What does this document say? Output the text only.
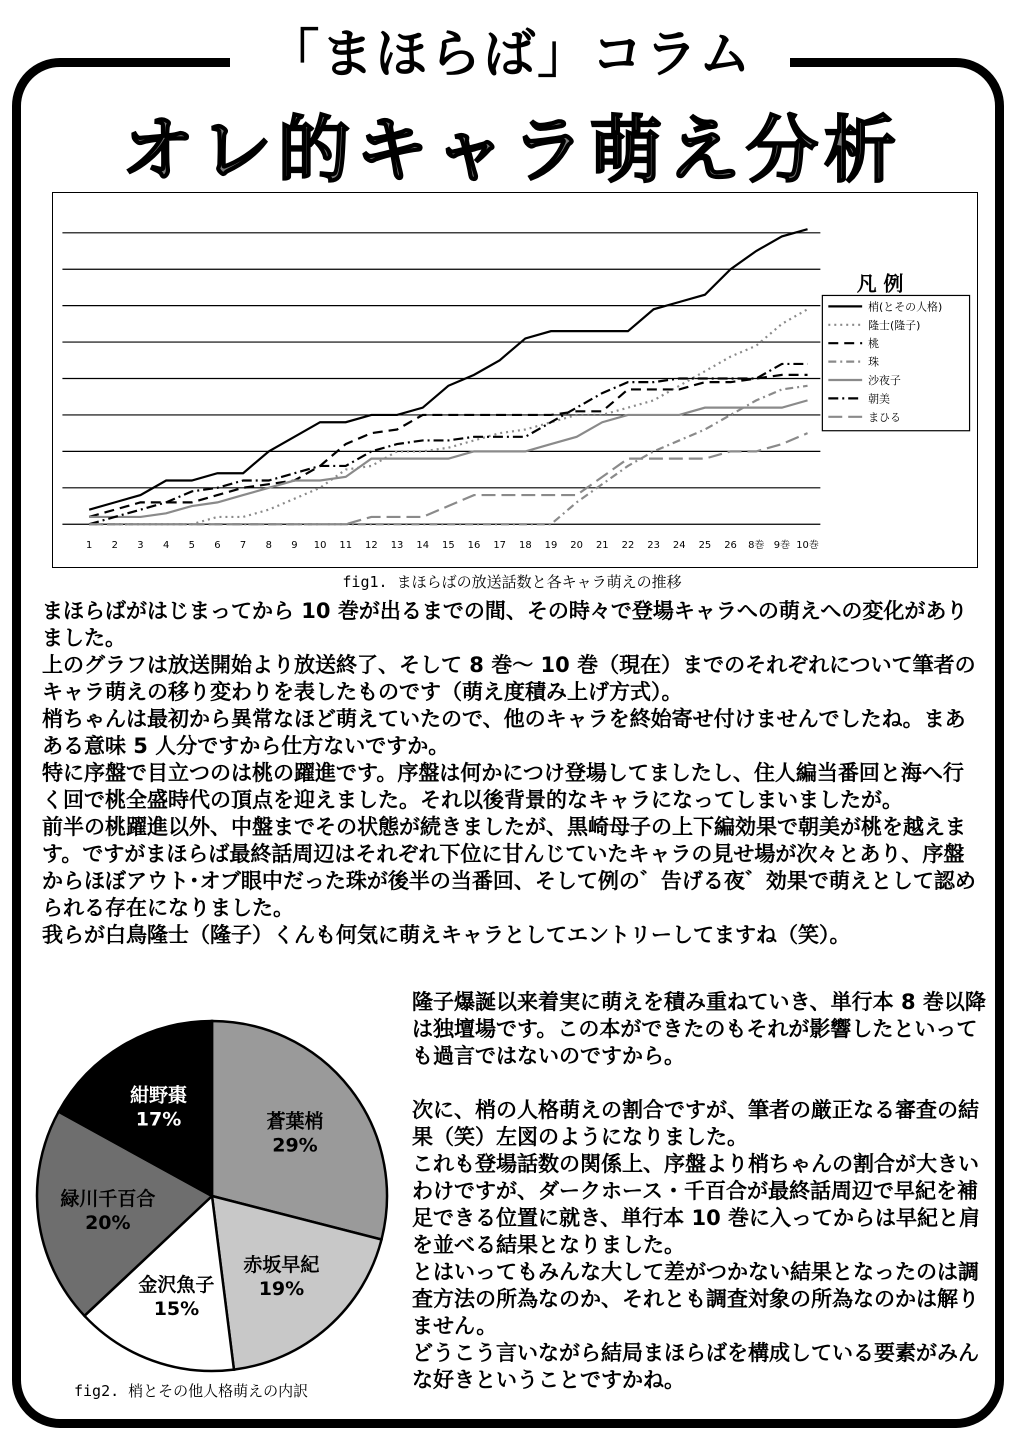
「まほらば」コラム
オレ的キャラ萌え分析
1 2 3 4 5 6 7 8 9 10 11 12 13 14 15 16 17 18 19 20 21 22 23 24 25 26 8巻 9巻 10巻
凡 例
梢(とその人格)
隆士(隆子)
桃
珠
沙夜子
朝美
まひる
fig1. まほらばの放送話数と各キャラ萌えの推移

まほらばがはじまってから 10 巻が出るまでの間、その時々で登場キャラへの萌えへの変化がありました。

上のグラフは放送開始より放送終了、そして 8 巻～ 10 巻（現在）までのそれぞれについて筆者のキャラ萌えの移り変わりを表したものです（萌え度積み上げ方式）。

梢ちゃんは最初から異常なほど萌えていたので、他のキャラを終始寄せ付けませんでしたね。まあある意味 5 人分ですから仕方ないですか。

特に序盤で目立つのは桃の躍進です。序盤は何かにつけ登場してましたし、住人編当番回と海へ行く回で桃全盛時代の頂点を迎えました。それ以後背景的なキャラになってしまいましたが。

前半の桃躍進以外、中盤までその状態が続きましたが、黒崎母子の上下編効果で朝美が桃を越えます。ですがまほらば最終話周辺はそれぞれ下位に甘んじていたキャラの見せ場が次々とあり、序盤からほぼアウト･オブ眼中だった珠が後半の当番回、そして例の゛告げる夜゛効果で萌えとして認められる存在になりました。

我らが白鳥隆士（隆子）くんも何気に萌えキャラとしてエントリーしてますね（笑）。

隆子爆誕以来着実に萌えを積み重ねていき、単行本 8 巻以降は独壇場です。この本ができたのもそれが影響したといっても過言ではないのですから。

次に、梢の人格萌えの割合ですが、筆者の厳正なる審査の結果（笑）左図のようになりました。

これも登場話数の関係上、序盤より梢ちゃんの割合が大きいわけですが、ダークホース・千百合が最終話周辺で早紀を補足できる位置に就き、単行本 10 巻に入ってからは早紀と肩を並べる結果となりました。

とはいってもみんな大して差がつかない結果となったのは調査方法の所為なのか、それとも調査対象の所為なのかは解りません。

どうこう言いながら結局まほらばを構成している要素がみんな好きということですかね。

蒼葉梢
29%
赤坂早紀
19%
金沢魚子
15%
緑川千百合
20%
紺野棗
17%
fig2. 梢とその他人格萌えの内訳
